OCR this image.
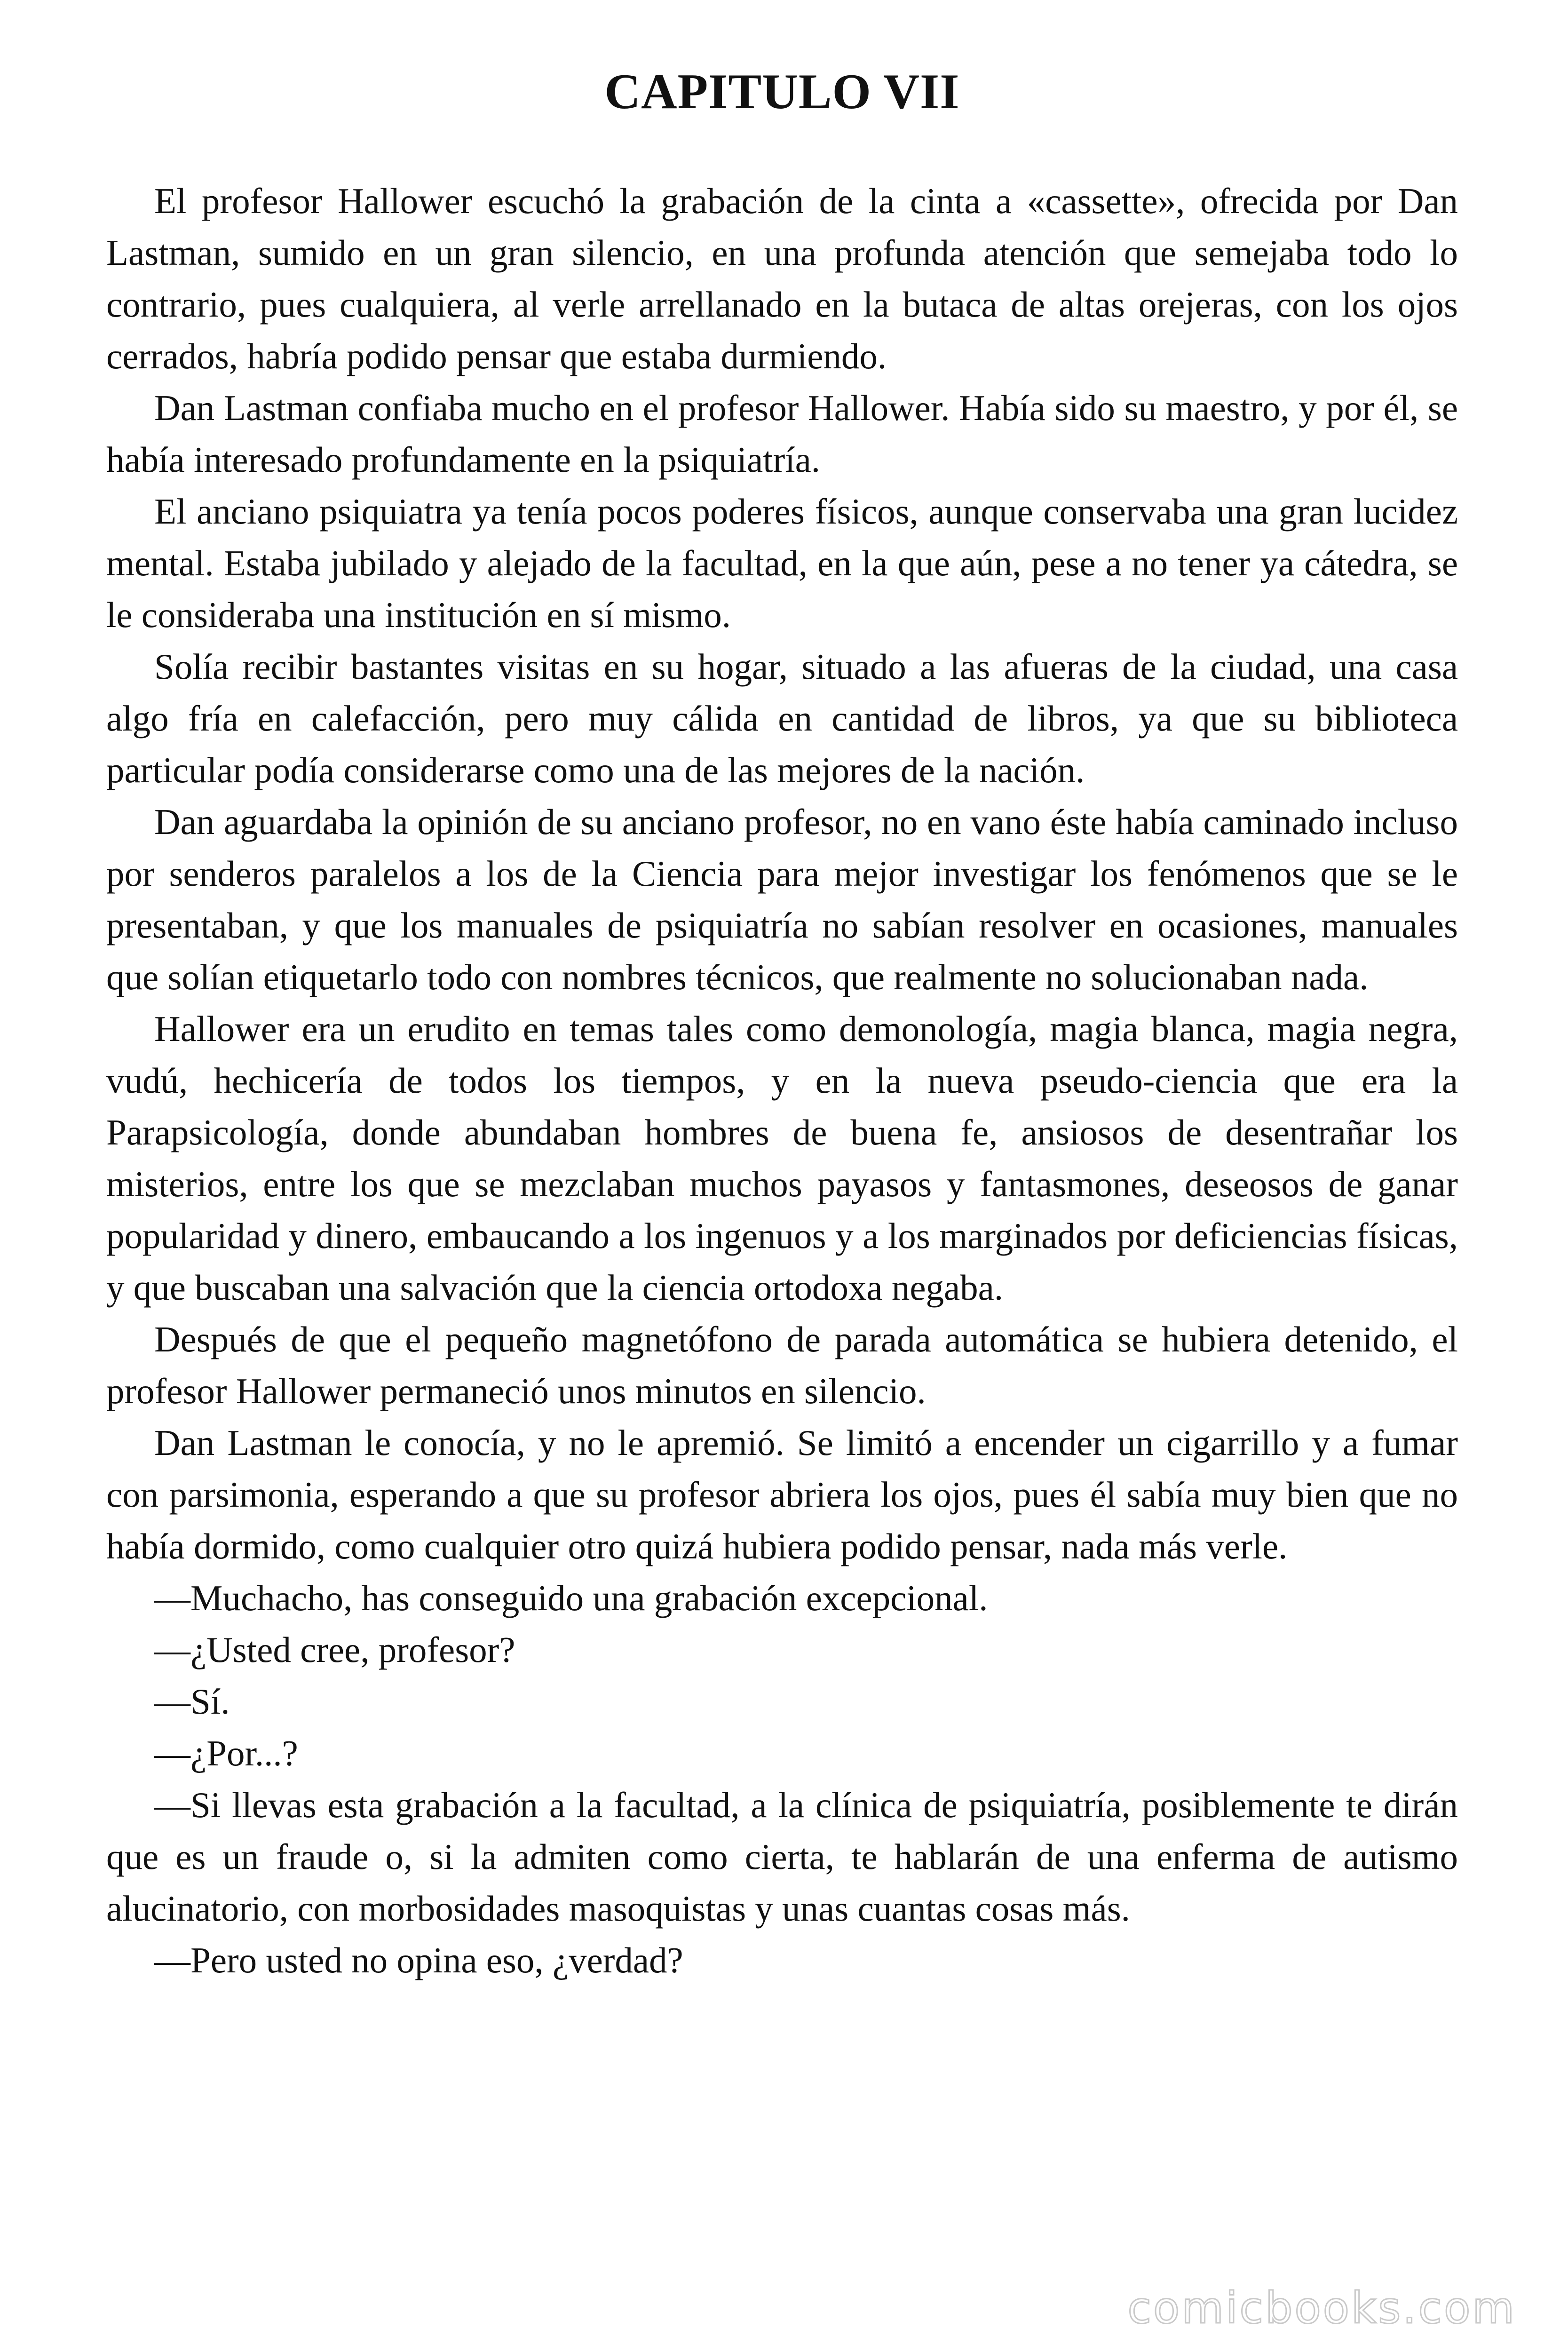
CAPITULO VII

El profesor Hallower escuchó la grabación de la cinta a «cassette», ofrecida por Dan Lastman, sumido en un gran silencio, en una profunda atención que semejaba todo lo contrario, pues cualquiera, al verle arrellanado en la butaca de altas orejeras, con los ojos cerrados, habría podido pensar que estaba durmiendo.

Dan Lastman confiaba mucho en el profesor Hallower. Había sido su maestro, y por él, se había interesado profundamente en la psiquiatría.

El anciano psiquiatra ya tenía pocos poderes físicos, aunque conservaba una gran lucidez mental. Estaba jubilado y alejado de la facultad, en la que aún, pese a no tener ya cátedra, se le consideraba una institución en sí mismo.

Solía recibir bastantes visitas en su hogar, situado a las afueras de la ciudad, una casa algo fría en calefacción, pero muy cálida en cantidad de libros, ya que su biblioteca particular podía considerarse como una de las mejores de la nación.

Dan aguardaba la opinión de su anciano profesor, no en vano éste había caminado incluso por senderos paralelos a los de la Ciencia para mejor investigar los fenómenos que se le presentaban, y que los manuales de psiquiatría no sabían resolver en ocasiones, manuales que solían etiquetarlo todo con nombres técnicos, que realmente no solucionaban nada.

Hallower era un erudito en temas tales como demonología, magia blanca, magia negra, vudú, hechicería de todos los tiempos, y en la nueva pseudo-ciencia que era la Parapsicología, donde abundaban hombres de buena fe, ansiosos de desentrañar los misterios, entre los que se mezclaban muchos payasos y fantasmones, deseosos de ganar popularidad y dinero, embaucando a los ingenuos y a los marginados por deficiencias físicas, y que buscaban una salvación que la ciencia ortodoxa negaba.

Después de que el pequeño magnetófono de parada automática se hubiera detenido, el profesor Hallower permaneció unos minutos en silencio.

Dan Lastman le conocía, y no le apremió. Se limitó a encender un cigarrillo y a fumar con parsimonia, esperando a que su profesor abriera los ojos, pues él sabía muy bien que no había dormido, como cualquier otro quizá hubiera podido pensar, nada más verle.

—Muchacho, has conseguido una grabación excepcional.

—¿Usted cree, profesor?

—Sí.

—¿Por...?

—Si llevas esta grabación a la facultad, a la clínica de psiquiatría, posiblemente te dirán que es un fraude o, si la admiten como cierta, te hablarán de una enferma de autismo alucinatorio, con morbosidades masoquistas y unas cuantas cosas más.

—Pero usted no opina eso, ¿verdad?

comicbooks.com
